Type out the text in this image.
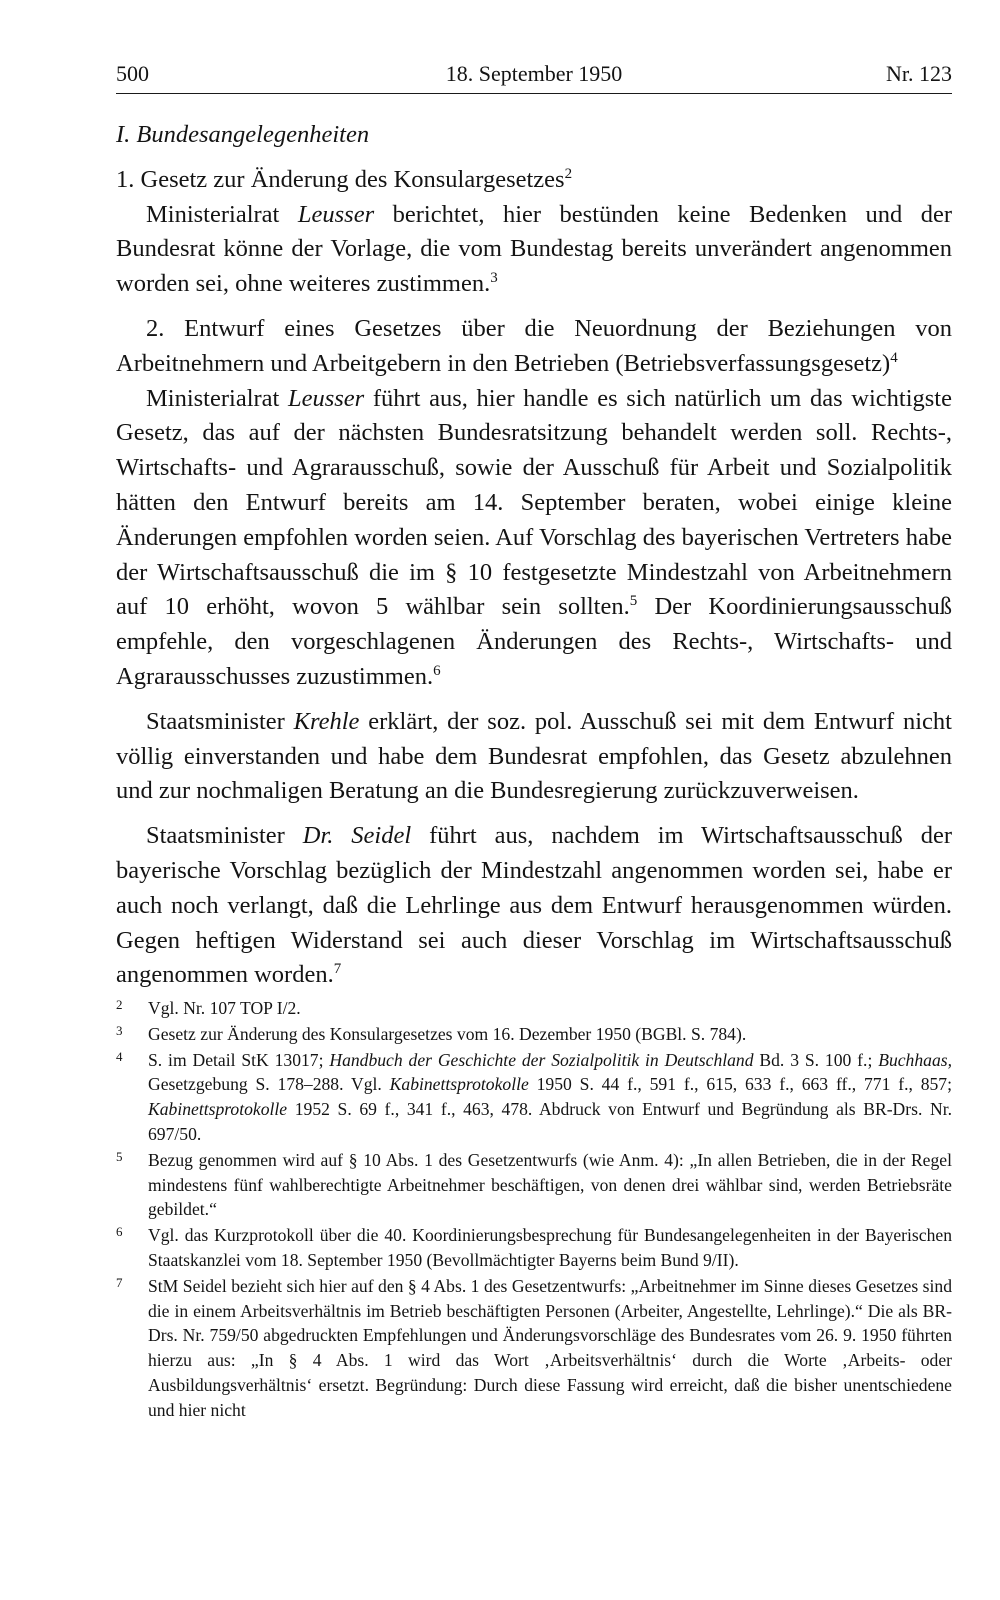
18. September 1950
500	Nr. 123

I. Bundesangelegenheiten

1. Gesetz zur Änderung des Konsulargesetzes$^2$

Ministerialrat Leusser berichtet, hier bestünden keine Bedenken und der Bundesrat könne der Vorlage, die vom Bundestag bereits unverändert angenommen worden sei, ohne weiteres zustimmen.$^3$

2. Entwurf eines Gesetzes über die Neuordnung der Beziehungen von Arbeitnehmern und Arbeitgebern in den Betrieben (Betriebsverfassungsgesetz)$^4$

Ministerialrat Leusser führt aus, hier handle es sich natürlich um das wichtigste Gesetz, das auf der nächsten Bundesratsitzung behandelt werden soll. Rechts-, Wirtschafts- und Agrarausschuß, sowie der Ausschuß für Arbeit und Sozialpolitik hätten den Entwurf bereits am 14. September beraten, wobei einige kleine Änderungen empfohlen worden seien. Auf Vorschlag des bayerischen Vertreters habe der Wirtschaftsausschuß die im § 10 festgesetzte Mindestzahl von Arbeitnehmern auf 10 erhöht, wovon 5 wählbar sein sollten.$^5$ Der Koordinierungsausschuß empfehle, den vorgeschlagenen Änderungen des Rechts-, Wirtschafts- und Agrarausschusses zuzustimmen.$^6$

Staatsminister Krehle erklärt, der soz. pol. Ausschuß sei mit dem Entwurf nicht völlig einverstanden und habe dem Bundesrat empfohlen, das Gesetz abzulehnen und zur nochmaligen Beratung an die Bundesregierung zurückzuverweisen.

Staatsminister Dr. Seidel führt aus, nachdem im Wirtschaftsausschuß der bayerische Vorschlag bezüglich der Mindestzahl angenommen worden sei, habe er auch noch verlangt, daß die Lehrlinge aus dem Entwurf herausgenommen würden. Gegen heftigen Widerstand sei auch dieser Vorschlag im Wirtschaftsausschuß angenommen worden.$^7$

2 Vgl. Nr. 107 TOP I/2.

3 Gesetz zur Änderung des Konsulargesetzes vom 16. Dezember 1950 (BGBl. S. 784).

4 S. im Detail StK 13017; Handbuch der Geschichte der Sozialpolitik in Deutschland Bd. 3 S. 100 f.; Buchhaas, Gesetzgebung S. 178–288. Vgl. Kabinettsprotokolle 1950 S. 44 f., 591 f., 615, 633 f., 663 ff., 771 f., 857; Kabinettsprotokolle 1952 S. 69 f., 341 f., 463, 478. Abdruck von Entwurf und Begründung als BR-Drs. Nr. 697/50.

5 Bezug genommen wird auf § 10 Abs. 1 des Gesetzentwurfs (wie Anm. 4): „In allen Betrieben, die in der Regel mindestens fünf wahlberechtigte Arbeitnehmer beschäftigen, von denen drei wählbar sind, werden Betriebsräte gebildet.“

6 Vgl. das Kurzprotokoll über die 40. Koordinierungsbesprechung für Bundesangelegenheiten in der Bayerischen Staatskanzlei vom 18. September 1950 (Bevollmächtigter Bayerns beim Bund 9/II).

7 StM Seidel bezieht sich hier auf den § 4 Abs. 1 des Gesetzentwurfs: „Arbeitnehmer im Sinne dieses Gesetzes sind die in einem Arbeitsverhältnis im Betrieb beschäftigten Personen (Arbeiter, Angestellte, Lehrlinge).“ Die als BR-Drs. Nr. 759/50 abgedruckten Empfehlungen und Änderungsvorschläge des Bundesrates vom 26. 9. 1950 führten hierzu aus: „In § 4 Abs. 1 wird das Wort ‚Arbeitsverhältnis‘ durch die Worte ‚Arbeits- oder Ausbildungsverhältnis‘ ersetzt. Begründung: Durch diese Fassung wird erreicht, daß die bisher unentschiedene und hier nicht
